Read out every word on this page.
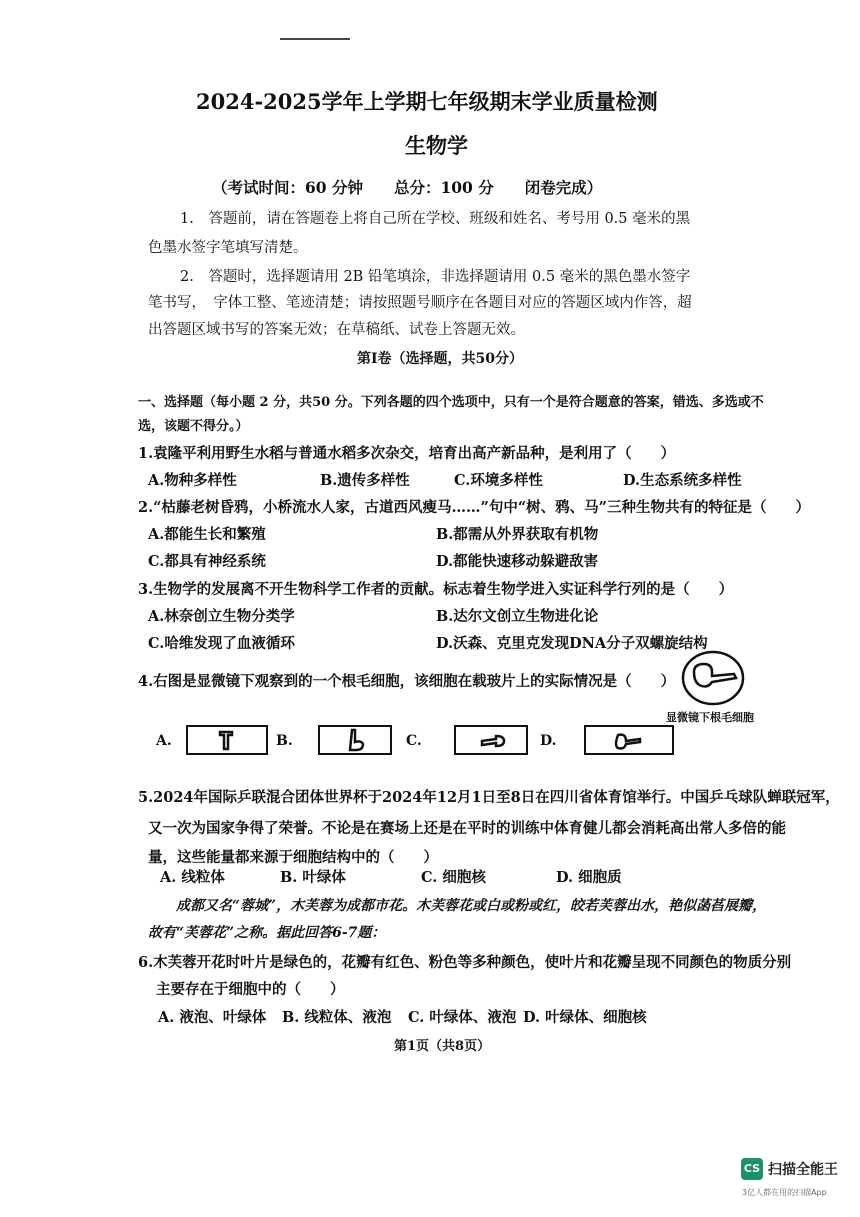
2024-2025学年上学期七年级期末学业质量检测
生物学
（考试时间：60 分钟　　总分：100 分　　闭卷完成）
1.　答题前，请在答题卷上将自己所在学校、班级和姓名、考号用 0.5 毫米的黑
色墨水签字笔填写清楚。
2.　答题时，选择题请用 2B 铅笔填涂，非选择题请用 0.5 毫米的黑色墨水签字
笔书写，　字体工整、笔迹清楚；请按照题号顺序在各题目对应的答题区域内作答，超
出答题区域书写的答案无效；在草稿纸、试卷上答题无效。
第Ⅰ卷（选择题，共50分）
一、选择题（每小题 2 分，共50 分。下列各题的四个选项中，只有一个是符合题意的答案，错选、多选或不
选，该题不得分。）
1.袁隆平利用野生水稻与普通水稻多次杂交，培育出高产新品种，是利用了（　　）
A.物种多样性	B.遗传多样性	C.环境多样性	D.生态系统多样性
2.“枯藤老树昏鸦，小桥流水人家，古道西风瘦马……”句中“树、鸦、马”三种生物共有的特征是（　　）
A.都能生长和繁殖	B.都需从外界获取有机物
C.都具有神经系统	D.都能快速移动躲避敌害
3.生物学的发展离不开生物科学工作者的贡献。标志着生物学进入实证科学行列的是（　　）
A.林奈创立生物分类学	B.达尔文创立生物进化论
C.哈维发现了血液循环	D.沃森、克里克发现DNA分子双螺旋结构
4.右图是显微镜下观察到的一个根毛细胞，该细胞在载玻片上的实际情况是（　　）
显微镜下根毛细胞
A.	B.	C.	D.
5.2024年国际乒联混合团体世界杯于2024年12月1日至8日在四川省体育馆举行。中国乒乓球队蝉联冠军，
又一次为国家争得了荣誉。不论是在赛场上还是在平时的训练中体育健儿都会消耗高出常人多倍的能
量，这些能量都来源于细胞结构中的（　　）
A. 线粒体	B. 叶绿体	C. 细胞核	D. 细胞质
成都又名“蓉城”，木芙蓉为成都市花。木芙蓉花或白或粉或红，皎若芙蓉出水，艳似菡萏展瓣，
故有“芙蓉花”之称。据此回答6-7题：
6.木芙蓉开花时叶片是绿色的，花瓣有红色、粉色等多种颜色，使叶片和花瓣呈现不同颜色的物质分别
主要存在于细胞中的（　　）
A. 液泡、叶绿体 B. 线粒体、液泡 C. 叶绿体、液泡 D. 叶绿体、细胞核
第1页（共8页）
CS 扫描全能王
3亿人都在用的扫描App
